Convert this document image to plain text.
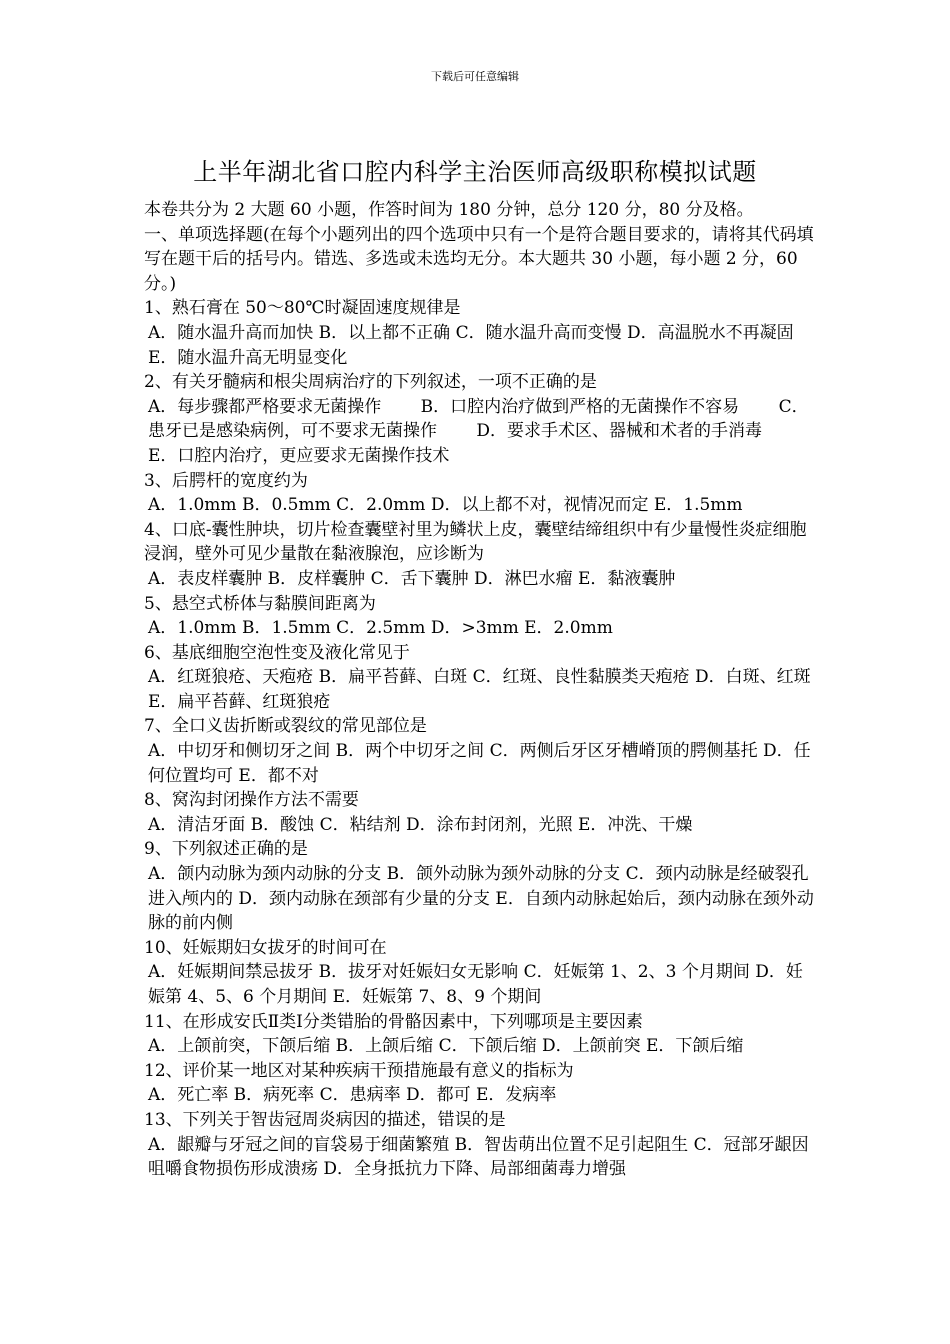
下载后可任意编辑
上半年湖北省口腔内科学主治医师高级职称模拟试题

本卷共分为 2 大题 60 小题，作答时间为 180 分钟，总分 120 分，80 分及格。

一、单项选择题(在每个小题列出的四个选项中只有一个是符合题目要求的，请将其代码填写在题干后的括号内。错选、多选或未选均无分。本大题共 30 小题，每小题 2 分，60 分。)

1、熟石膏在 50～80℃时凝固速度规律是

A．随水温升高而加快 B．以上都不正确 C．随水温升高而变慢 D．高温脱水不再凝固 E．随水温升高无明显变化

2、有关牙髓病和根尖周病治疗的下列叙述，一项不正确的是

A．每步骤都严格要求无菌操作　　 B．口腔内治疗做到严格的无菌操作不容易　　 C．患牙已是感染病例，可不要求无菌操作　　 D．要求手术区、器械和术者的手消毒　　 E．口腔内治疗，更应要求无菌操作技术

3、后腭杆的宽度约为

A．1.0mm B．0.5mm C．2.0mm D．以上都不对，视情况而定 E．1.5mm

4、口底-囊性肿块，切片检查囊壁衬里为鳞状上皮，囊壁结缔组织中有少量慢性炎症细胞浸润，壁外可见少量散在黏液腺泡，应诊断为

A．表皮样囊肿 B．皮样囊肿 C．舌下囊肿 D．淋巴水瘤 E．黏液囊肿

5、悬空式桥体与黏膜间距离为

A．1.0mm B．1.5mm C．2.5mm D．>3mm E．2.0mm

6、基底细胞空泡性变及液化常见于

A．红斑狼疮、天疱疮 B．扁平苔藓、白斑 C．红斑、良性黏膜类天疱疮 D．白斑、红斑 E．扁平苔藓、红斑狼疮

7、全口义齿折断或裂纹的常见部位是

A．中切牙和侧切牙之间 B．两个中切牙之间 C．两侧后牙区牙槽嵴顶的腭侧基托 D．任何位置均可 E．都不对

8、窝沟封闭操作方法不需要

A．清洁牙面 B．酸蚀 C．粘结剂 D．涂布封闭剂，光照 E．冲洗、干燥

9、下列叙述正确的是

A．颌内动脉为颈内动脉的分支 B．颌外动脉为颈外动脉的分支 C．颈内动脉是经破裂孔进入颅内的 D．颈内动脉在颈部有少量的分支 E．自颈内动脉起始后，颈内动脉在颈外动脉的前内侧

10、妊娠期妇女拔牙的时间可在

A．妊娠期间禁忌拔牙 B．拔牙对妊娠妇女无影响 C．妊娠第 1、2、3 个月期间 D．妊娠第 4、5、6 个月期间 E．妊娠第 7、8、9 个期间

11、在形成安氏Ⅱ类Ⅰ分类错胎的骨骼因素中，下列哪项是主要因素

A．上颌前突，下颌后缩 B．上颌后缩 C．下颌后缩 D．上颌前突 E．下颌后缩

12、评价某一地区对某种疾病干预措施最有意义的指标为

A．死亡率 B．病死率 C．患病率 D．都可 E．发病率

13、下列关于智齿冠周炎病因的描述，错误的是

A．龈瓣与牙冠之间的盲袋易于细菌繁殖 B．智齿萌出位置不足引起阻生 C．冠部牙龈因咀嚼食物损伤形成溃疡 D．全身抵抗力下降、局部细菌毒力增强
